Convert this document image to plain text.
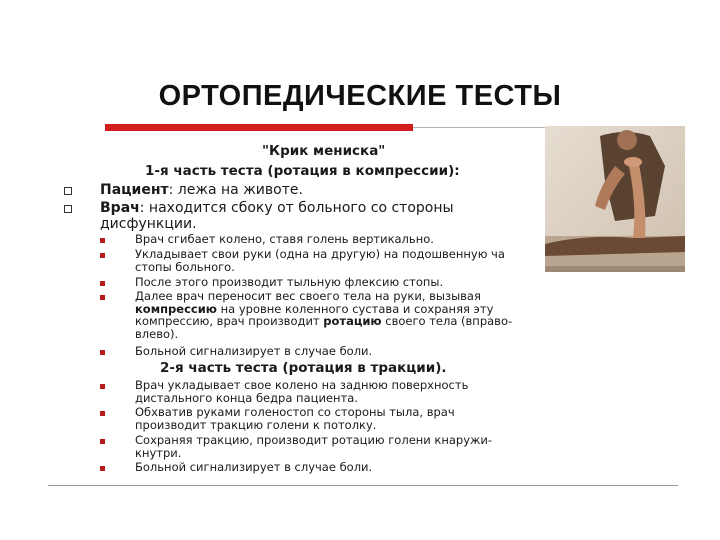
ОРТОПЕДИЧЕСКИЕ ТЕСТЫ
"Крик мениска"
1-я часть теста (ротация в компрессии):
Пациент: лежа на животе.
Врач: находится сбоку от больного со стороны
дисфункции.
Врач сгибает колено, ставя голень вертикально.
Укладывает свои руки (одна на другую) на подошвенную ча
стопы больного.
После этого производит тыльную флексию стопы.
Далее врач переносит вес своего тела на руки, вызывая
компрессию на уровне коленного сустава и сохраняя эту
компрессию, врач производит ротацию своего тела (вправо-
влево).
Больной сигнализирует в случае боли.
2-я часть теста (ротация в тракции).
Врач укладывает свое колено на заднюю поверхность
дистального конца бедра пациента.
Обхватив руками голеностоп со стороны тыла, врач
производит тракцию голени к потолку.
Сохраняя тракцию, производит ротацию голени кнаружи-
кнутри.
Больной сигнализирует в случае боли.
